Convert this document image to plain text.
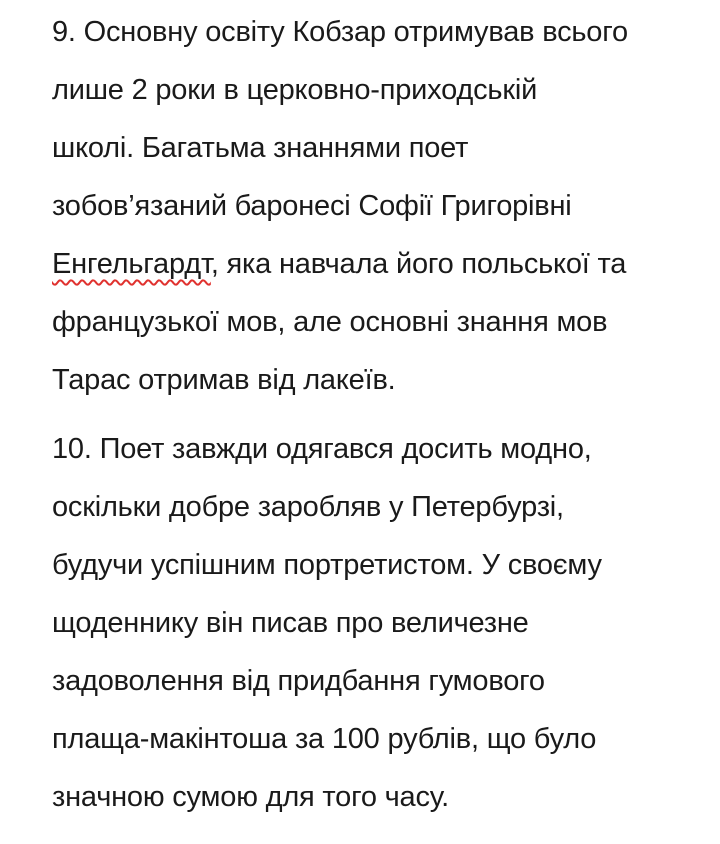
9. Основну освіту Кобзар отримував всього
лише 2 роки в церковно-приходській
школі. Багатьма знаннями поет
зобов’язаний баронесі Софії Григорівні
Енгельгардт, яка навчала його польської та
французької мов, але основні знання мов
Тарас отримав від лакеїв.
10. Поет завжди одягався досить модно,
оскільки добре заробляв у Петербурзі,
будучи успішним портретистом. У своєму
щоденнику він писав про величезне
задоволення від придбання гумового
плаща-макінтоша за 100 рублів, що було
значною сумою для того часу.
